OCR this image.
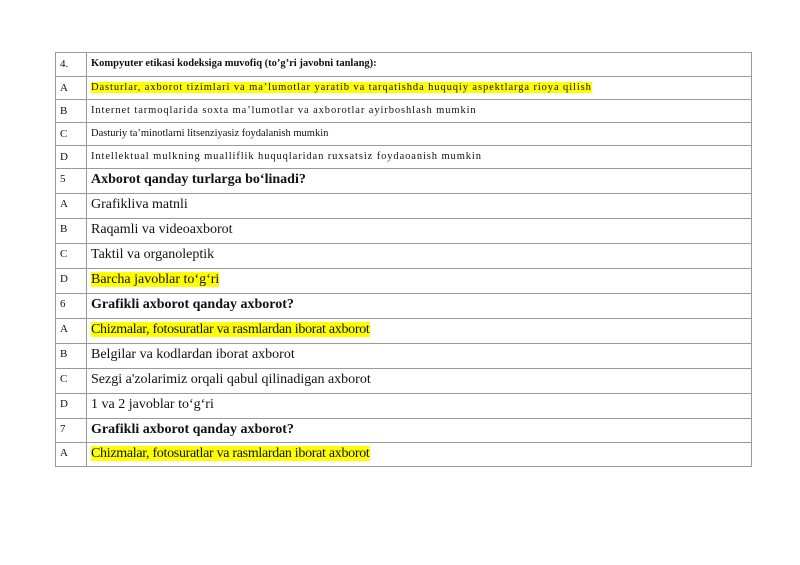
4.	Kompyuter etikasi kodeksiga muvofiq (to’g’ri javobni tanlang):
A	Dasturlar, axborot tizimlari va ma’lumotlar yaratib va tarqatishda huquqiy aspektlarga rioya qilish
B	Internet tarmoqlarida soxta ma’lumotlar va axborotlar ayirboshlash mumkin
C	Dasturiy ta’minotlarni litsenziyasiz foydalanish mumkin
D	Intellektual mulkning mualliflik huquqlaridan ruxsatsiz foydaoanish mumkin
5	Axborot qanday turlarga bo‘linadi?
A	Grafikliva matnli
B	Raqamli va videoaxborot
C	Taktil va organoleptik
D	Barcha javoblar to‘g‘ri
6	Grafikli axborot qanday axborot?
A	Chizmalar, fotosuratlar va rasmlardan iborat axborot
B	Belgilar va kodlardan iborat axborot
C	Sezgi a'zolarimiz orqali qabul qilinadigan axborot
D	1 va 2 javoblar to‘g‘ri
7	Grafikli axborot qanday axborot?
A	Chizmalar, fotosuratlar va rasmlardan iborat axborot
